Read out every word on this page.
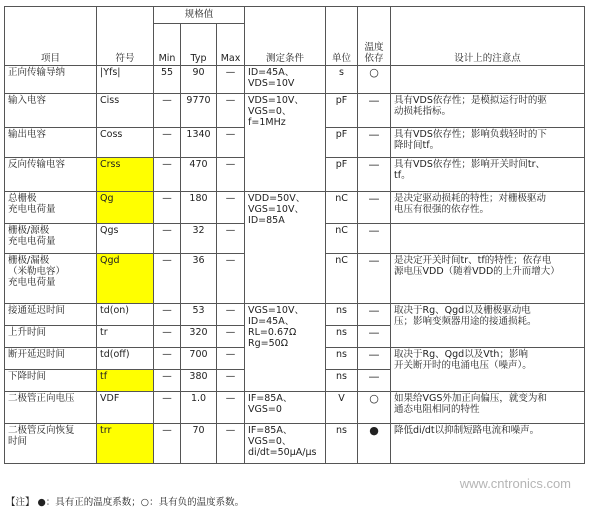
项目	符号	规格值			测定条件	单位	温度
依存	设计上的注意点
		Min	Typ	Max				
正向传输导纳	|Yfs|	55	90	—	ID=45A、
VDS=10V	s	○	
输入电容	Ciss	—	9770	—	VDS=10V、
VGS=0、
f=1MHz	pF	—	具有VDS依存性；是模拟运行时的驱
动损耗指标。
输出电容	Coss	—	1340	—		pF	—	具有VDS依存性；影响负载轻时的下
降时间tf。
反向传输电容	Crss	—	470	—		pF	—	具有VDS依存性；影响开关时间tr、
tf。
总栅极
充电电荷量	Qg	—	180	—	VDD=50V、
VGS=10V、
ID=85A	nC	—	是决定驱动损耗的特性；对栅极驱动
电压有很强的依存性。
栅极/源极
充电电荷量	Qgs	—	32	—		nC	—	
栅极/漏极
（米勒电容）
充电电荷量	Qgd	—	36	—		nC	—	是决定开关时间tr、tf的特性；依存电
源电压VDD（随着VDD的上升而增大）
接通延迟时间	td(on)	—	53	—	VGS=10V、
ID=45A、
RL=0.67Ω
Rg=50Ω	ns	—	取决于Rg、Qgd以及栅极驱动电
压；影响变频器用途的接通损耗。
上升时间	tr	—	320	—		ns	—	
断开延迟时间	td(off)	—	700	—		ns	—	取决于Rg、Qgd以及Vth；影响
开关断开时的电涌电压（噪声）。
下降时间	tf	—	380	—		ns	—	
二极管正向电压	VDF	—	1.0	—	IF=85A、
VGS=0	V	○	如果给VGS外加正向偏压，就变为和
通态电阻相同的特性
二极管反向恢复
时间	trr	—	70	—	IF=85A、
VGS=0、
di/dt=50μA/μs	ns	●	降低di/dt以抑制短路电流和噪声。
【注】 ●：具有正的温度系数；○：具有负的温度系数。
www.cntronics.com
